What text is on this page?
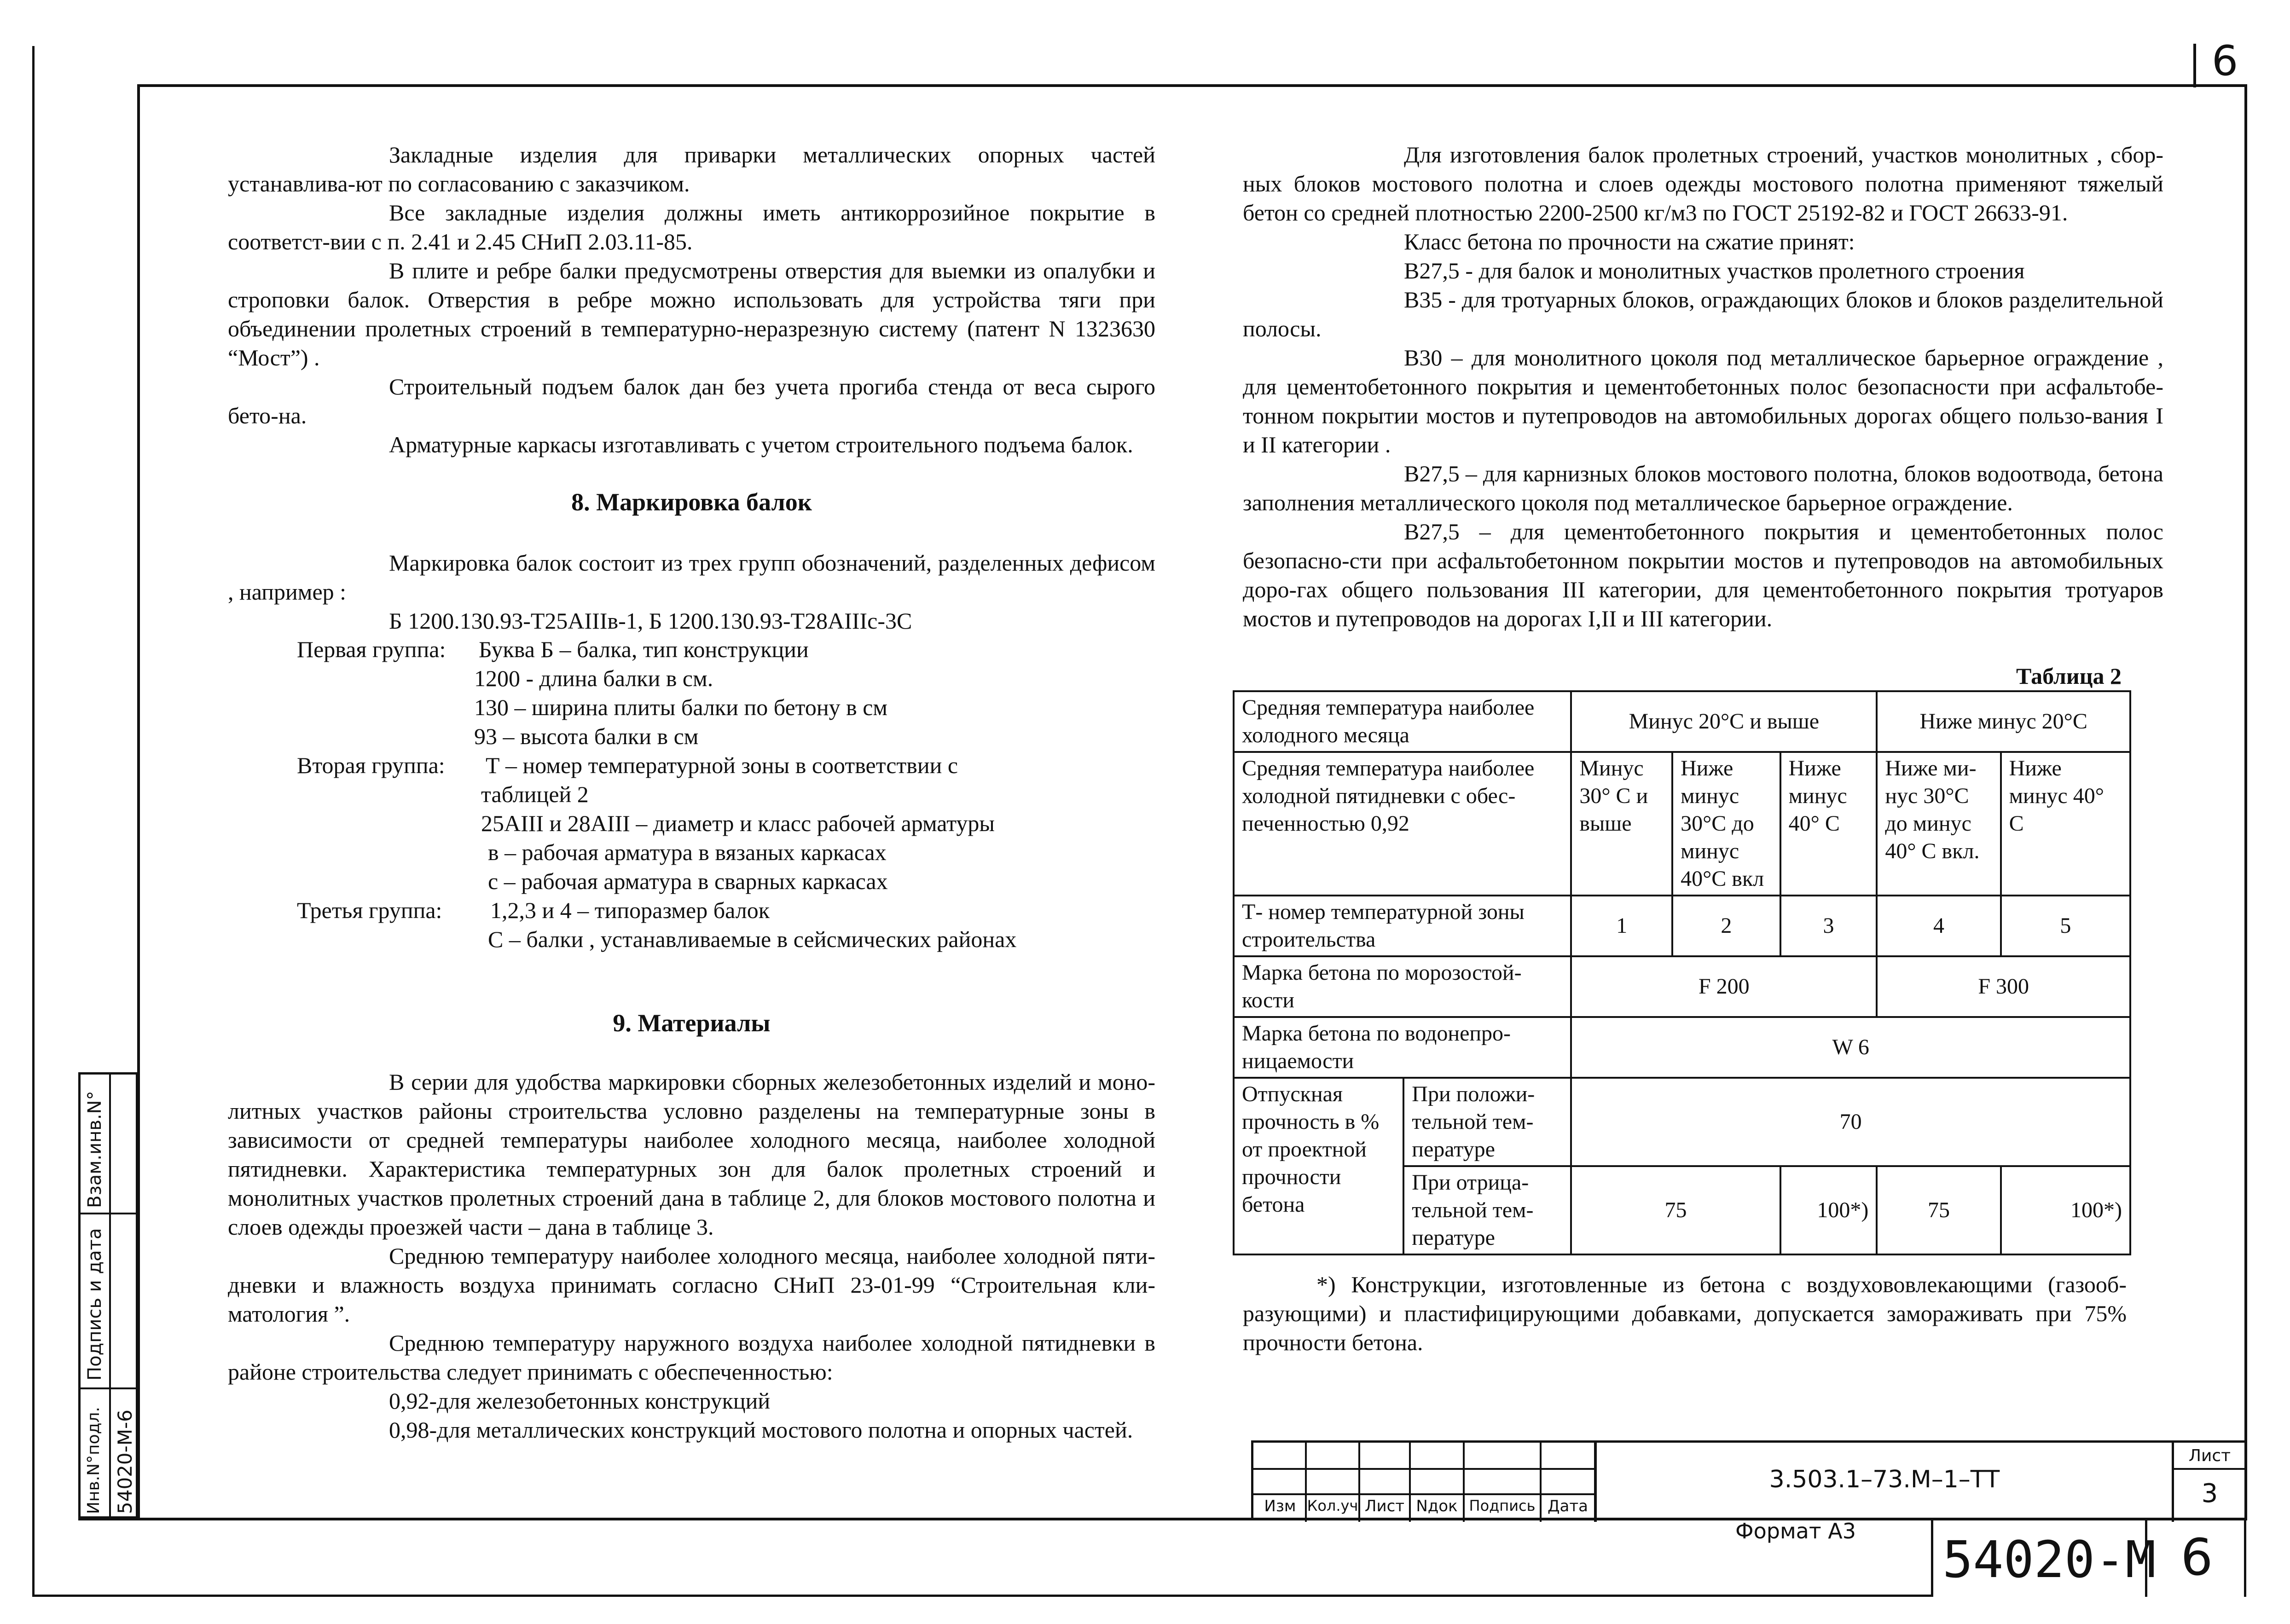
6
Подпись и дата
Взам.инв.N°
Инв.N°подл. 54020-М-6

Закладные изделия для приварки металлических опорных частей устанавлива-ют по согласованию с заказчиком.

Все закладные изделия должны иметь антикоррозийное покрытие в соответст-вии с п. 2.41 и 2.45 СНиП 2.03.11-85.

В плите и ребре балки предусмотрены отверстия для выемки из опалубки и строповки балок. Отверстия в ребре можно использовать для устройства тяги при объединении пролетных строений в температурно-неразрезную систему (патент N 1323630 “Мост”) .

Строительный подъем балок дан без учета прогиба стенда от веса сырого бето-на.

Арматурные каркасы изготавливать с учетом строительного подъема балок.

8. Маркировка балок

Маркировка балок состоит из трех групп обозначений, разделенных дефисом , например :

Б 1200.130.93-Т25АIIIв-1, Б 1200.130.93-Т28АIIIс-3С

Первая группа: Буква Б – балка, тип конструкции
1200 - длина балки в см.
130 – ширина плиты балки по бетону в см
93 – высота балки в см
Вторая группа: Т – номер температурной зоны в соответствии с
таблицей 2
25АIII и 28АIII – диаметр и класс рабочей арматуры
в – рабочая арматура в вязаных каркасах
с – рабочая арматура в сварных каркасах
Третья группа: 1,2,3 и 4 – типоразмер балок
С – балки , устанавливаемые в сейсмических районах
9. Материалы

В серии для удобства маркировки сборных железобетонных изделий и моно-литных участков районы строительства условно разделены на температурные зоны в зависимости от средней температуры наиболее холодного месяца, наиболее холодной пятидневки. Характеристика температурных зон для балок пролетных строений и монолитных участков пролетных строений дана в таблице 2, для блоков мостового полотна и слоев одежды проезжей части – дана в таблице 3.

Среднюю температуру наиболее холодного месяца, наиболее холодной пяти-дневки и влажность воздуха принимать согласно СНиП 23-01-99 “Строительная кли-матология ”.

Среднюю температуру наружного воздуха наиболее холодной пятидневки в районе строительства следует принимать с обеспеченностью:

0,92-для железобетонных конструкций

0,98-для металлических конструкций мостового полотна и опорных частей.

Для изготовления балок пролетных строений, участков монолитных , сбор-ных блоков мостового полотна и слоев одежды мостового полотна применяют тяжелый бетон со средней плотностью 2200-2500 кг/м3 по ГОСТ 25192-82 и ГОСТ 26633-91.

Класс бетона по прочности на сжатие принят:

В27,5 - для балок и монолитных участков пролетного строения

В35 - для тротуарных блоков, ограждающих блоков и блоков разделительной полосы.

В30 – для монолитного цоколя под металлическое барьерное ограждение , для цементобетонного покрытия и цементобетонных полос безопасности при асфальтобе-тонном покрытии мостов и путепроводов на автомобильных дорогах общего пользо-вания I и II категории .

В27,5 – для карнизных блоков мостового полотна, блоков водоотвода, бетона заполнения металлического цоколя под металлическое барьерное ограждение.

В27,5 – для цементобетонного покрытия и цементобетонных полос безопасно-сти при асфальтобетонном покрытии мостов и путепроводов на автомобильных доро-гах общего пользования III категории, для цементобетонного покрытия тротуаров мостов и путепроводов на дорогах I,II и III категории.

Таблица 2
Средняя температура наиболее холодного месяца		Минус 20°С и выше			Ниже минус 20°С	
Средняя температура наиболее холодной пятидневки с обес-печенностью 0,92		Минус 30° С и выше	Ниже минус 30°С до минус 40°С вкл	Ниже минус 40° С	Ниже ми-нус 30°С до минус 40° С вкл.	Ниже минус 40° С
Т- номер температурной зоны строительства		1	2	3	4	5
Марка бетона по морозостой-кости		F 200			F 300	
Марка бетона по водонепро-ницаемости		W 6				
Отпускная прочность в % от проектной прочности бетона	При положи-тельной тем-пературе	70				
	При отрица-тельной тем-пературе	75		100*)	75	100*)

*) Конструкции, изготовленные из бетона с воздухововлекающими (газооб-разующими) и пластифицирующими добавками, допускается замораживать при 75% прочности бетона.

Изм Кол.уч Лист Nдок Подпись Дата
3.503.1–73.М–1–ТТ
Лист
3
Формат А3 54020-М 6
